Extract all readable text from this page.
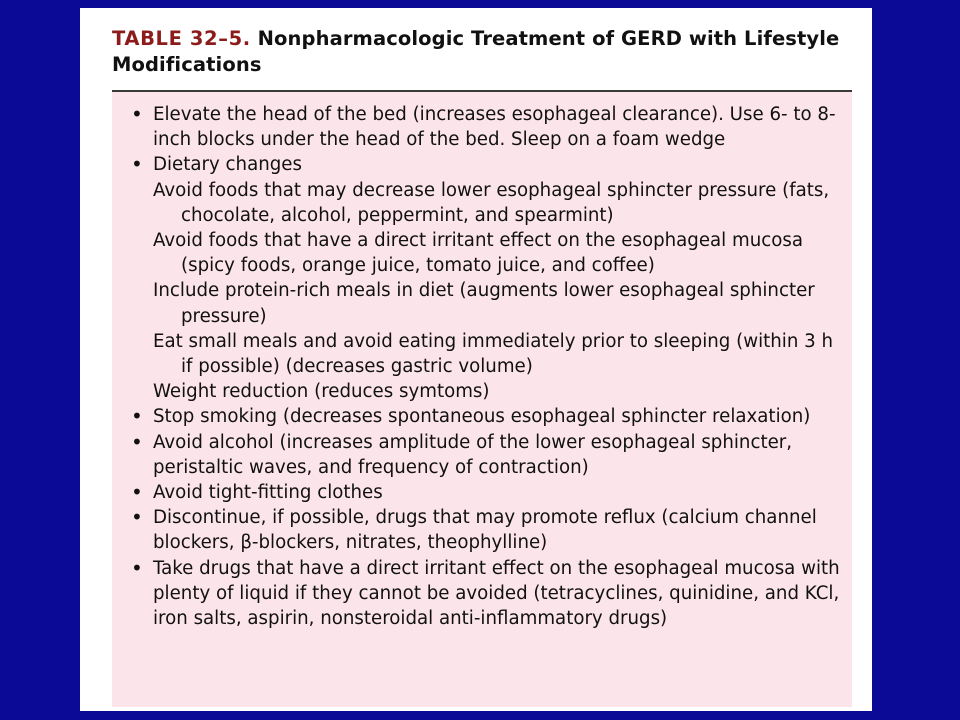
TABLE 32–5. Nonpharmacologic Treatment of GERD with Lifestyle Modifications
• Elevate the head of the bed (increases esophageal clearance). Use 6- to 8-inch blocks under the head of the bed. Sleep on a foam wedge
• Dietary changes
Avoid foods that may decrease lower esophageal sphincter pressure (fats, chocolate, alcohol, peppermint, and spearmint)
Avoid foods that have a direct irritant effect on the esophageal mucosa (spicy foods, orange juice, tomato juice, and coffee)
Include protein-rich meals in diet (augments lower esophageal sphincter pressure)
Eat small meals and avoid eating immediately prior to sleeping (within 3 h if possible) (decreases gastric volume)
Weight reduction (reduces symtoms)
• Stop smoking (decreases spontaneous esophageal sphincter relaxation)
• Avoid alcohol (increases amplitude of the lower esophageal sphincter, peristaltic waves, and frequency of contraction)
• Avoid tight-fitting clothes
• Discontinue, if possible, drugs that may promote reflux (calcium channel blockers, β-blockers, nitrates, theophylline)
• Take drugs that have a direct irritant effect on the esophageal mucosa with plenty of liquid if they cannot be avoided (tetracyclines, quinidine, and KCl, iron salts, aspirin, nonsteroidal anti-inflammatory drugs)
